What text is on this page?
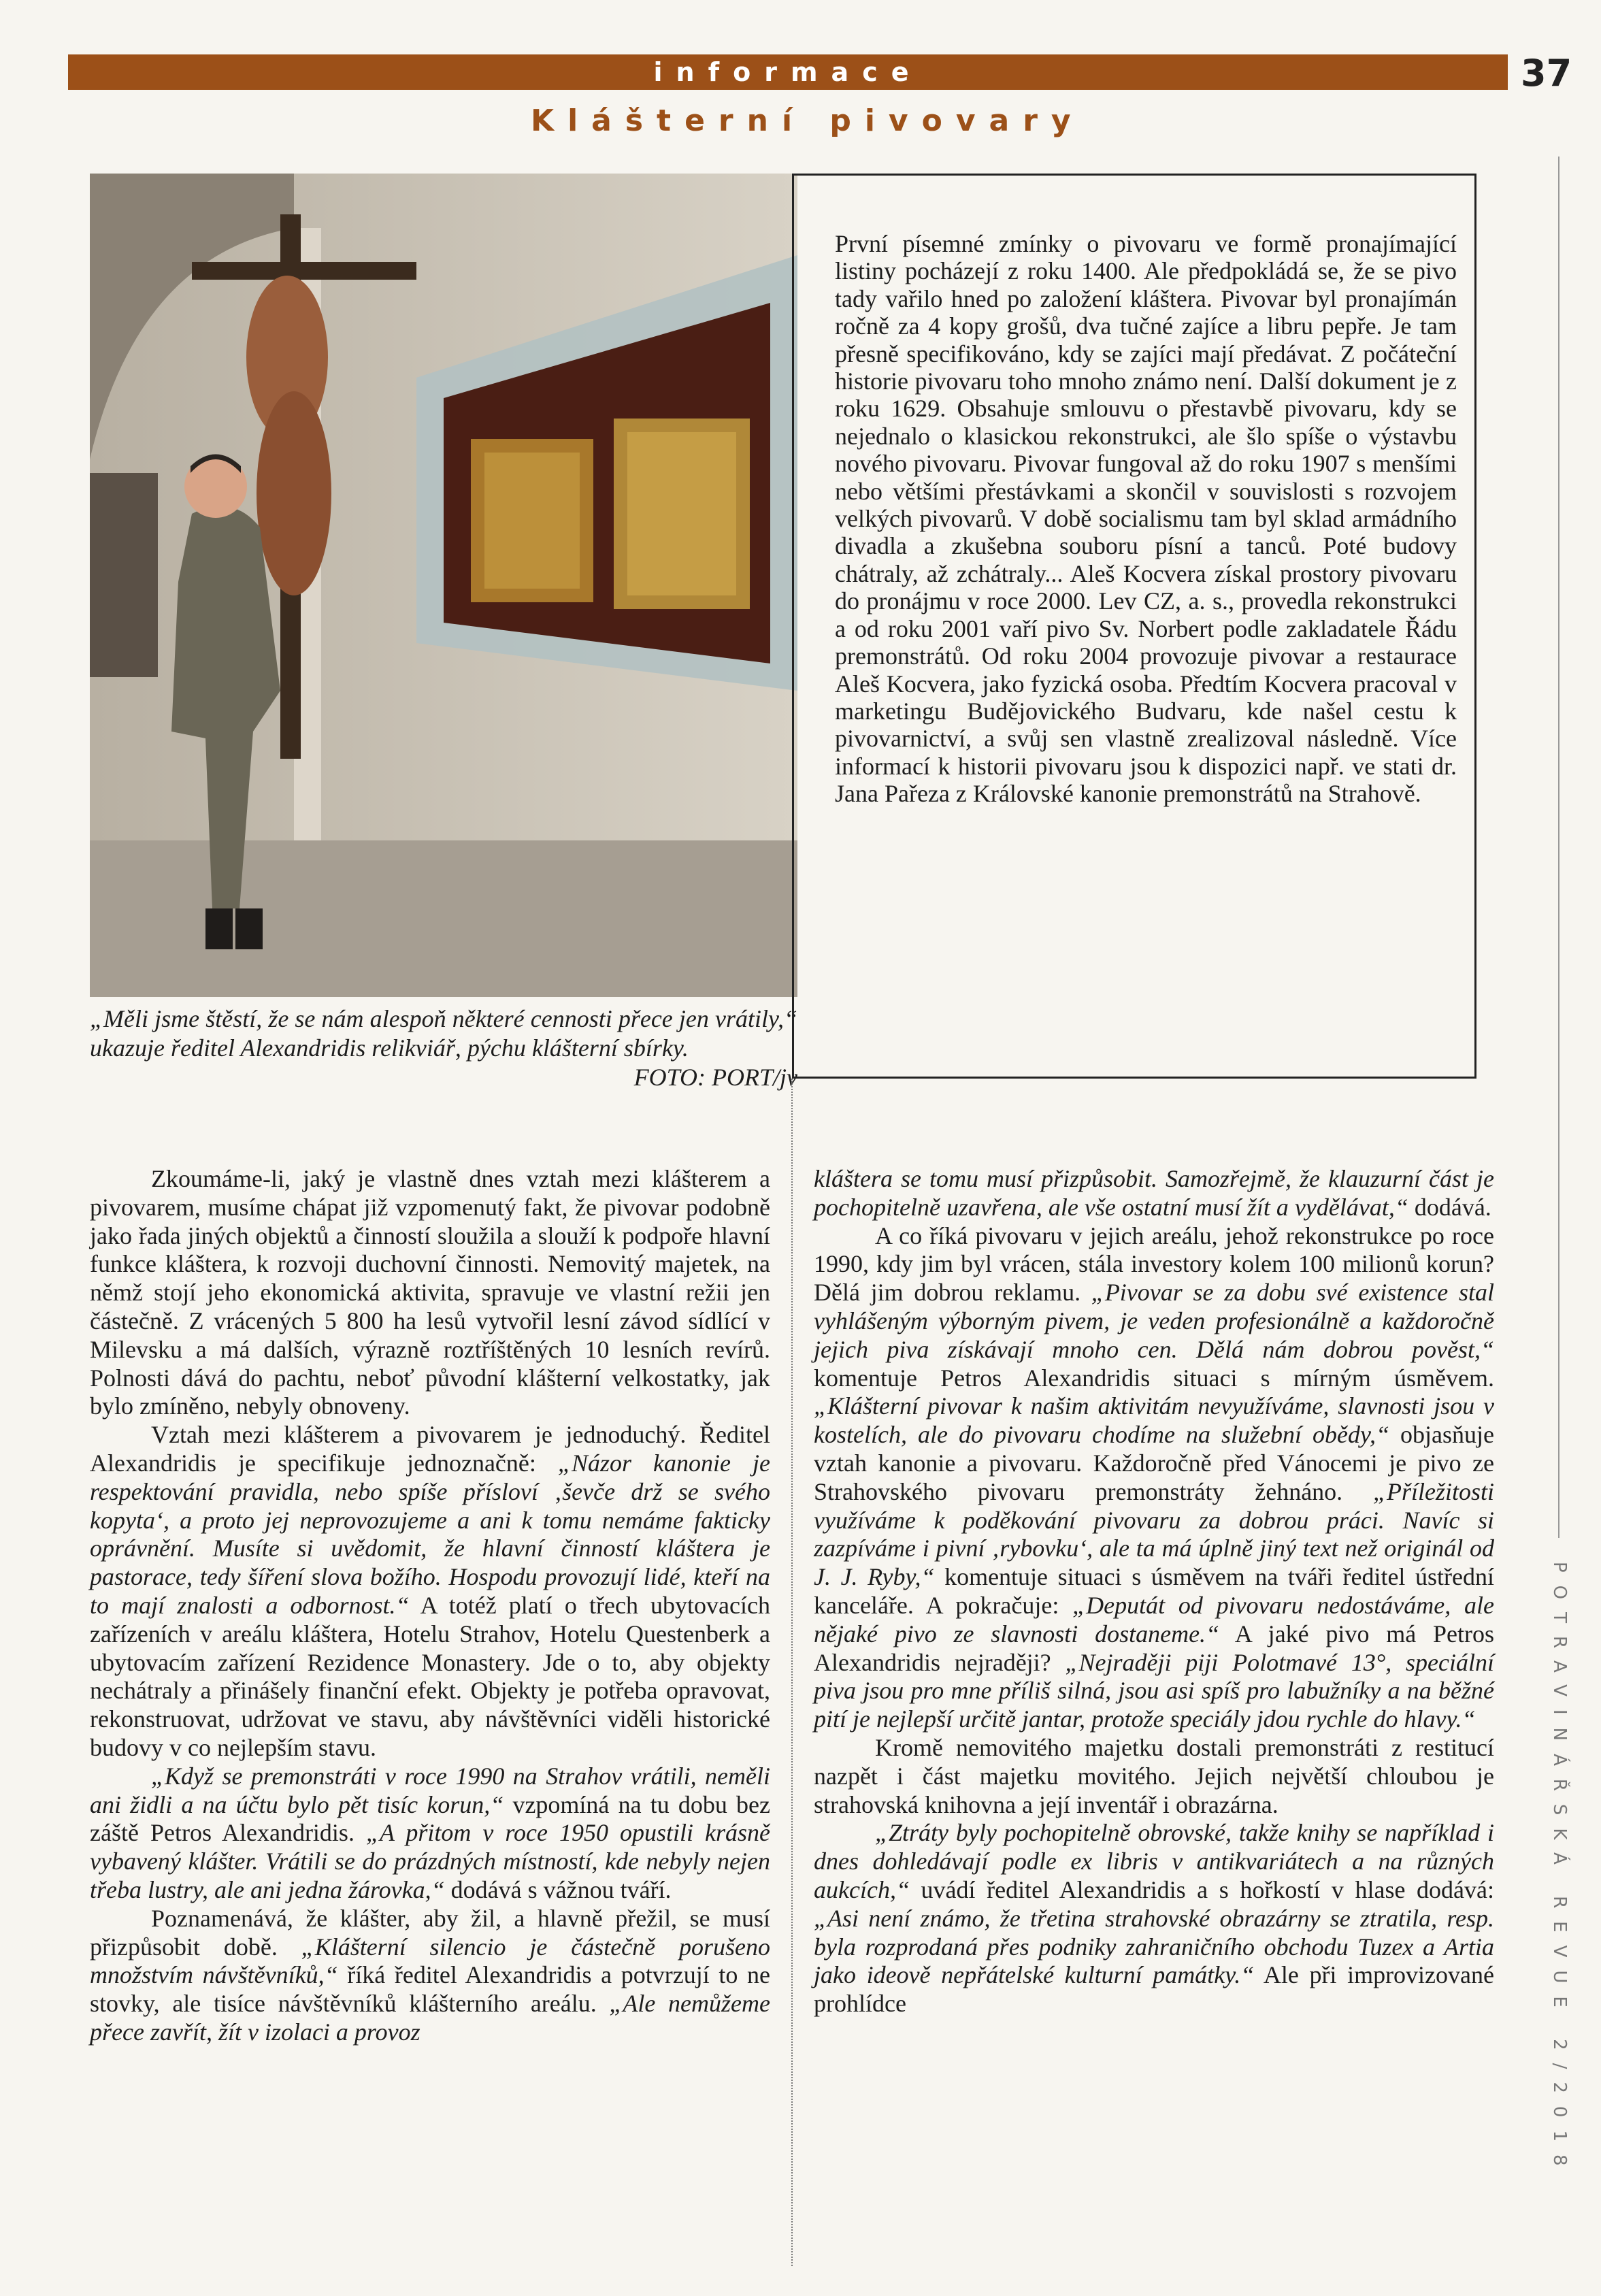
informace	37
Klášterní pivovary
„Měli jsme štěstí, že se nám alespoň některé cennosti přece jen vrátily,“ ukazuje ředitel Alexandridis relikviář, pýchu klášterní sbírky.
FOTO: PORT/jv

První písemné zmínky o pivovaru ve formě pronajímající listiny pocházejí z roku 1400. Ale předpokládá se, že se pivo tady vařilo hned po založení kláštera. Pivovar byl pronajímán ročně za 4 kopy grošů, dva tučné zajíce a libru pepře. Je tam přesně specifikováno, kdy se zajíci mají předávat. Z počáteční historie pivovaru toho mnoho známo není. Další dokument je z roku 1629. Obsahuje smlouvu o přestavbě pivovaru, kdy se nejednalo o klasickou rekonstrukci, ale šlo spíše o výstavbu nového pivovaru. Pivovar fungoval až do roku 1907 s menšími nebo většími přestávkami a skončil v souvislosti s rozvojem velkých pivovarů. V době socialismu tam byl sklad armádního divadla a zkušebna souboru písní a tanců. Poté budovy chátraly, až zchátraly... Aleš Kocvera získal prostory pivovaru do pronájmu v roce 2000. Lev CZ, a. s., provedla rekonstrukci a od roku 2001 vaří pivo Sv. Norbert podle zakladatele Řádu premonstrátů. Od roku 2004 provozuje pivovar a restaurace Aleš Kocvera, jako fyzická osoba. Předtím Kocvera pracoval v marketingu Budějovického Budvaru, kde našel cestu k pivovarnictví, a svůj sen vlastně zrealizoval následně. Více informací k historii pivovaru jsou k dispozici např. ve stati dr. Jana Pařeza z Královské kanonie premonstrátů na Strahově.

POTRAVINÁŘSKÁ REVUE 2/2018

Zkoumáme-li, jaký je vlastně dnes vztah mezi klášterem a pivovarem, musíme chápat již vzpomenutý fakt, že pivovar podobně jako řada jiných objektů a činností sloužila a slouží k podpoře hlavní funkce kláštera, k rozvoji duchovní činnosti. Nemovitý majetek, na němž stojí jeho ekonomická aktivita, spravuje ve vlastní režii jen částečně. Z vrácených 5 800 ha lesů vytvořil lesní závod sídlící v Milevsku a má dalších, výrazně roztříštěných 10 lesních revírů. Polnosti dává do pachtu, neboť původní klášterní velkostatky, jak bylo zmíněno, nebyly obnoveny.

Vztah mezi klášterem a pivovarem je jednoduchý. Ředitel Alexandridis je specifikuje jednoznačně: „Názor kanonie je respektování pravidla, nebo spíše přísloví ‚ševče drž se svého kopyta‘, a proto jej neprovozujeme a ani k tomu nemáme fakticky oprávnění. Musíte si uvědomit, že hlavní činností kláštera je pastorace, tedy šíření slova božího. Hospodu provozují lidé, kteří na to mají znalosti a odbornost.“ A totéž platí o třech ubytovacích zařízeních v areálu kláštera, Hotelu Strahov, Hotelu Questenberk a ubytovacím zařízení Rezidence Monastery. Jde o to, aby objekty nechátraly a přinášely finanční efekt. Objekty je potřeba opravovat, rekonstruovat, udržovat ve stavu, aby návštěvníci viděli historické budovy v co nejlepším stavu.

„Když se premonstráti v roce 1990 na Strahov vrátili, neměli ani židli a na účtu bylo pět tisíc korun,“ vzpomíná na tu dobu bez záště Petros Alexandridis. „A přitom v roce 1950 opustili krásně vybavený klášter. Vrátili se do prázdných místností, kde nebyly nejen třeba lustry, ale ani jedna žárovka,“ dodává s vážnou tváří.

Poznamenává, že klášter, aby žil, a hlavně přežil, se musí přizpůsobit době. „Klášterní silencio je částečně porušeno množstvím návštěvníků,“ říká ředitel Alexandridis a potvrzují to ne stovky, ale tisíce návštěvníků klášterního areálu. „Ale nemůžeme přece zavřít, žít v izolaci a provoz

kláštera se tomu musí přizpůsobit. Samozřejmě, že klauzurní část je pochopitelně uzavřena, ale vše ostatní musí žít a vydělávat,“ dodává.

A co říká pivovaru v jejich areálu, jehož rekonstrukce po roce 1990, kdy jim byl vrácen, stála investory kolem 100 milionů korun? Dělá jim dobrou reklamu. „Pivovar se za dobu své existence stal vyhlášeným výborným pivem, je veden profesionálně a každoročně jejich piva získávají mnoho cen. Dělá nám dobrou pověst,“ komentuje Petros Alexandridis situaci s mírným úsměvem. „Klášterní pivovar k našim aktivitám nevyužíváme, slavnosti jsou v kostelích, ale do pivovaru chodíme na služební obědy,“ objasňuje vztah kanonie a pivovaru. Každoročně před Vánocemi je pivo ze Strahovského pivovaru premonstráty žehnáno. „Příležitosti využíváme k poděkování pivovaru za dobrou práci. Navíc si zazpíváme i pivní ‚rybovku‘, ale ta má úplně jiný text než originál od J. J. Ryby,“ komentuje situaci s úsměvem na tváři ředitel ústřední kanceláře. A pokračuje: „Deputát od pivovaru nedostáváme, ale nějaké pivo ze slavnosti dostaneme.“ A jaké pivo má Petros Alexandridis nejraději? „Nejraději piji Polotmavé 13°, speciální piva jsou pro mne příliš silná, jsou asi spíš pro labužníky a na běžné pití je nejlepší určitě jantar, protože speciály jdou rychle do hlavy.“

Kromě nemovitého majetku dostali premonstráti z restitucí nazpět i část majetku movitého. Jejich největší chloubou je strahovská knihovna a její inventář i obrazárna.

„Ztráty byly pochopitelně obrovské, takže knihy se například i dnes dohledávají podle ex libris v antikvariátech a na různých aukcích,“ uvádí ředitel Alexandridis a s hořkostí v hlase dodává: „Asi není známo, že třetina strahovské obrazárny se ztratila, resp. byla rozprodaná přes podniky zahraničního obchodu Tuzex a Artia jako ideově nepřátelské kulturní památky.“ Ale při improvizované prohlídce
